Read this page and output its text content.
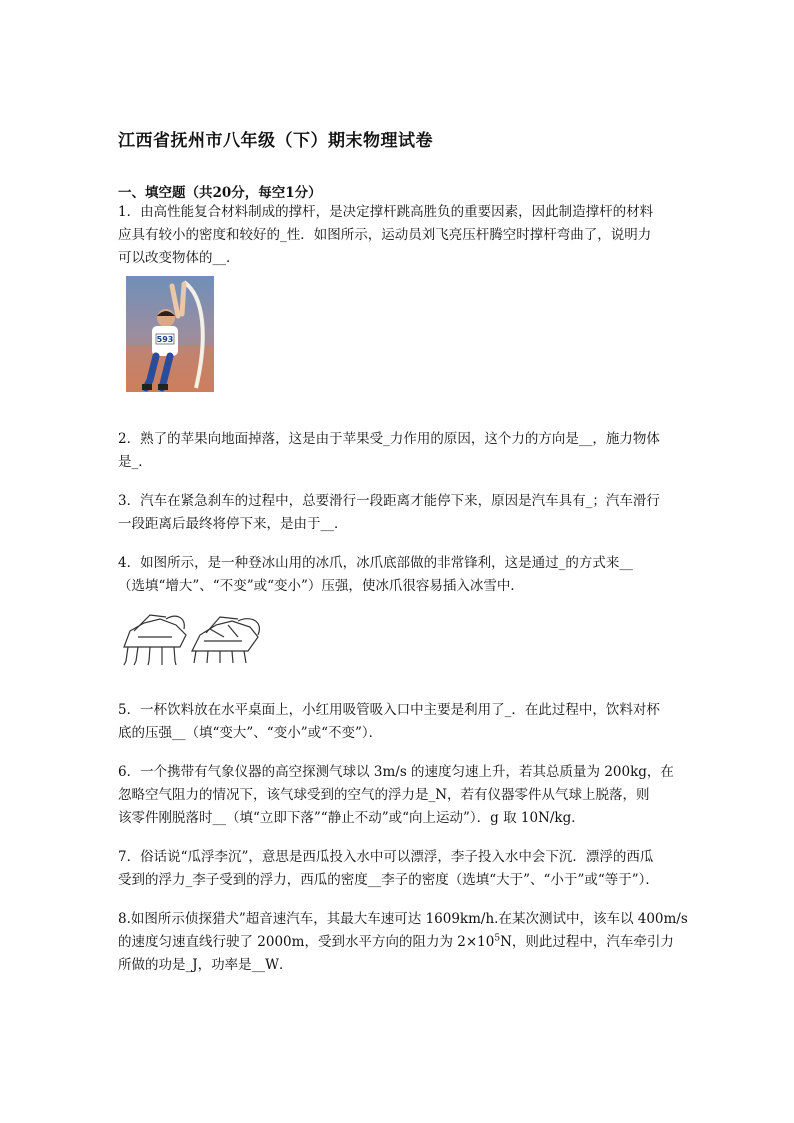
江西省抚州市八年级（下）期末物理试卷
一、填空题（共20分，每空1分）
1．由高性能复合材料制成的撑杆，是决定撑杆跳高胜负的重要因素，因此制造撑杆的材料
应具有较小的密度和较好的_性．如图所示，运动员刘飞亮压杆腾空时撑杆弯曲了，说明力
可以改变物体的__．
593
2．熟了的苹果向地面掉落，这是由于苹果受_力作用的原因，这个力的方向是__，施力物体
是_．
3．汽车在紧急刹车的过程中，总要滑行一段距离才能停下来，原因是汽车具有_；汽车滑行
一段距离后最终将停下来，是由于__．
4．如图所示，是一种登冰山用的冰爪，冰爪底部做的非常锋利，这是通过_的方式来__
（选填“增大”、“不变”或“变小”）压强，使冰爪很容易插入冰雪中．
5．一杯饮料放在水平桌面上，小红用吸管吸入口中主要是利用了_．在此过程中，饮料对杯
底的压强__（填“变大”、“变小”或“不变”）．
6．一个携带有气象仪器的高空探测气球以 3m/s 的速度匀速上升，若其总质量为 200kg，在
忽略空气阻力的情况下，该气球受到的空气的浮力是_N，若有仪器零件从气球上脱落，则
该零件刚脱落时__（填“立即下落”“静止不动”或“向上运动”）．g 取 10N/kg．
7．俗话说“瓜浮李沉”，意思是西瓜投入水中可以漂浮，李子投入水中会下沉．漂浮的西瓜
受到的浮力_李子受到的浮力，西瓜的密度__李子的密度（选填“大于”、“小于”或“等于”）．
8.如图所示侦探猎犬”超音速汽车，其最大车速可达 1609km/h.在某次测试中，该车以 400m/s
的速度匀速直线行驶了 2000m，受到水平方向的阻力为 $2\times 10^5N$，则此过程中，汽车牵引力
所做的功是_J，功率是__W．
